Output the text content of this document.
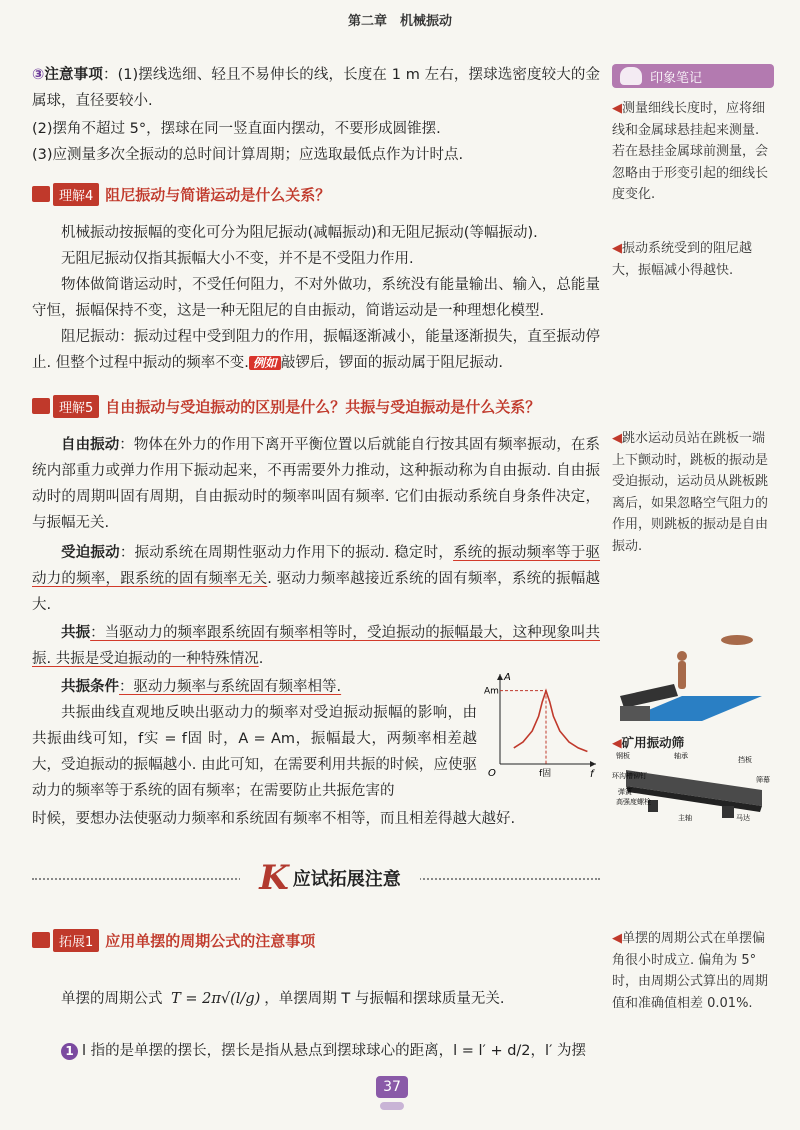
第二章　机械振动

③注意事项：(1)摆线选细、轻且不易伸长的线，长度在 1 m 左右，摆球选密度较大的金属球，直径要较小.

(2)摆角不超过 5°，摆球在同一竖直面内摆动，不要形成圆锥摆.

(3)应测量多次全振动的总时间计算周期；应选取最低点作为计时点.

理解4 阻尼振动与简谐运动是什么关系？

机械振动按振幅的变化可分为阻尼振动(减幅振动)和无阻尼振动(等幅振动).

无阻尼振动仅指其振幅大小不变，并不是不受阻力作用.

物体做简谐运动时，不受任何阻力，不对外做功，系统没有能量输出、输入，总能量守恒，振幅保持不变，这是一种无阻尼的自由振动，简谐运动是一种理想化模型.

阻尼振动：振动过程中受到阻力的作用，振幅逐渐减小，能量逐渐损失，直至振动停止. 但整个过程中振动的频率不变. 例如 敲锣后，锣面的振动属于阻尼振动.

理解5 自由振动与受迫振动的区别是什么？共振与受迫振动是什么关系？

自由振动：物体在外力的作用下离开平衡位置以后就能自行按其固有频率振动，在系统内部重力或弹力作用下振动起来，不再需要外力推动，这种振动称为自由振动. 自由振动时的周期叫固有周期，自由振动时的频率叫固有频率. 它们由振动系统自身条件决定，与振幅无关.

受迫振动：振动系统在周期性驱动力作用下的振动. 稳定时，系统的振动频率等于驱动力的频率，跟系统的固有频率无关. 驱动力频率越接近系统的固有频率，系统的振幅越大.

共振：当驱动力的频率跟系统固有频率相等时，受迫振动的振幅最大，这种现象叫共振. 共振是受迫振动的一种特殊情况.

共振条件：驱动力频率与系统固有频率相等.

共振曲线直观地反映出驱动力的频率对受迫振动振幅的影响，由共振曲线可知，f实 = f固 时，A = Am，振幅最大，两频率相差越大，受迫振动的振幅越小. 由此可知，在需要利用共振的时候，应使驱动力的频率等于系统的固有频率；在需要防止共振危害的

时候，要想办法使驱动力频率和系统固有频率不相等，而且相差得越大越好.

A
f
O
Am
f固
K 应试拓展注意
拓展1 应用单摆的周期公式的注意事项

单摆的周期公式 T = 2π√(l/g) ，单摆周期 T 与振幅和摆球质量无关.

1 l 指的是单摆的摆长，摆长是指从悬点到摆球球心的距离，l = l′ + d/2，l′ 为摆

印象笔记
◀测量细线长度时，应将细线和金属球悬挂起来测量. 若在悬挂金属球前测量，会忽略由于形变引起的细线长度变化.
◀振动系统受到的阻尼越大，振幅减小得越快.
◀跳水运动员站在跳板一端上下颤动时，跳板的振动是受迫振动，运动员从跳板跳离后，如果忽略空气阻力的作用，则跳板的振动是自由振动.
◀矿用振动筛
钢板	轴承	挡板
环沟槽铆钉
弹簧
高强度螺栓
筛幕
主轴	马达
◀单摆的周期公式在单摆偏角很小时成立. 偏角为 5° 时，由周期公式算出的周期值和准确值相差 0.01%.
37
